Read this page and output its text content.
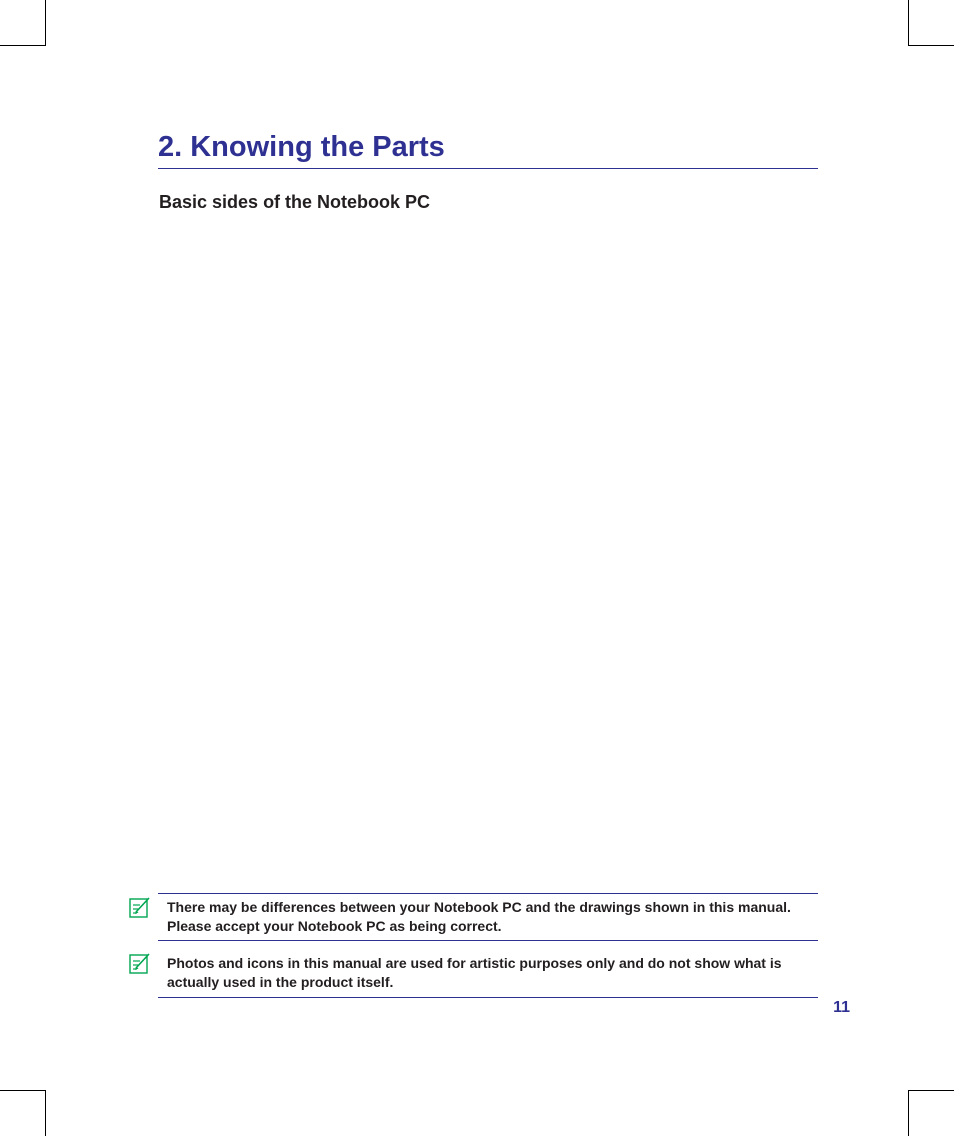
2. Knowing the Parts
Basic sides of the Notebook PC

There may be differences between your Notebook PC and the drawings shown in this manual. Please accept your Notebook PC as being correct.

Photos and icons in this manual are used for artistic purposes only and do not show what is actually used in the product itself.

11
